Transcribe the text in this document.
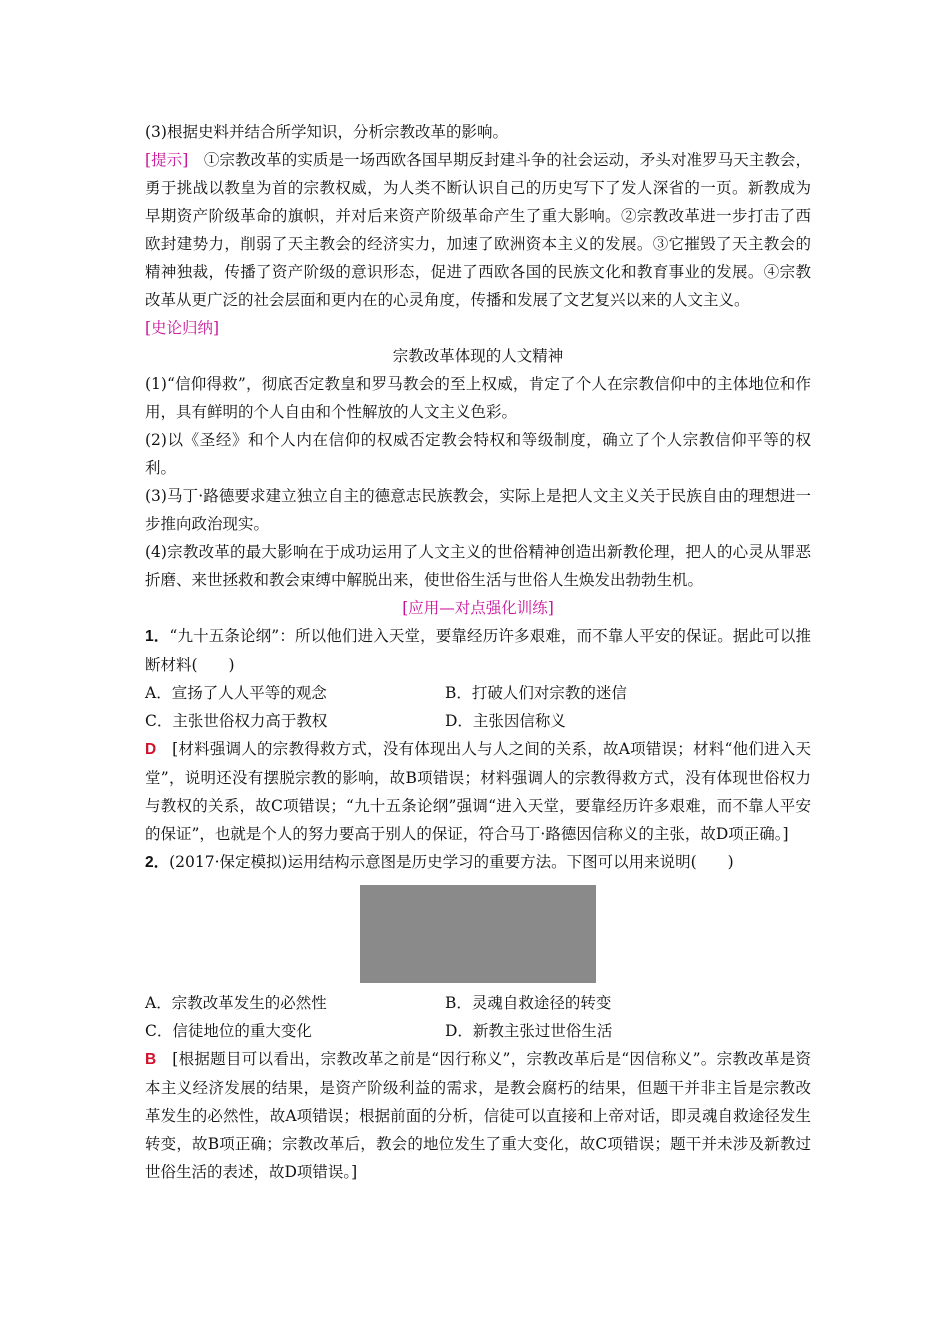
(3)根据史料并结合所学知识，分析宗教改革的影响。

[提示]　①宗教改革的实质是一场西欧各国早期反封建斗争的社会运动，矛头对准罗马天主教会，勇于挑战以教皇为首的宗教权威，为人类不断认识自己的历史写下了发人深省的一页。新教成为早期资产阶级革命的旗帜，并对后来资产阶级革命产生了重大影响。②宗教改革进一步打击了西欧封建势力，削弱了天主教会的经济实力，加速了欧洲资本主义的发展。③它摧毁了天主教会的精神独裁，传播了资产阶级的意识形态，促进了西欧各国的民族文化和教育事业的发展。④宗教改革从更广泛的社会层面和更内在的心灵角度，传播和发展了文艺复兴以来的人文主义。

[史论归纳]

宗教改革体现的人文精神

(1)“信仰得救”，彻底否定教皇和罗马教会的至上权威，肯定了个人在宗教信仰中的主体地位和作用，具有鲜明的个人自由和个性解放的人文主义色彩。

(2)以《圣经》和个人内在信仰的权威否定教会特权和等级制度，确立了个人宗教信仰平等的权利。

(3)马丁·路德要求建立独立自主的德意志民族教会，实际上是把人文主义关于民族自由的理想进一步推向政治现实。

(4)宗教改革的最大影响在于成功运用了人文主义的世俗精神创造出新教伦理，把人的心灵从罪恶折磨、来世拯救和教会束缚中解脱出来，使世俗生活与世俗人生焕发出勃勃生机。

[应用—对点强化训练]

1．“九十五条论纲”：所以他们进入天堂，要靠经历许多艰难，而不靠人平安的保证。据此可以推断材料(　　)

A．宣扬了人人平等的观念	B．打破人们对宗教的迷信
C．主张世俗权力高于教权	D．主张因信称义

D　[材料强调人的宗教得救方式，没有体现出人与人之间的关系，故A项错误；材料“他们进入天堂”，说明还没有摆脱宗教的影响，故B项错误；材料强调人的宗教得救方式，没有体现世俗权力与教权的关系，故C项错误；“九十五条论纲”强调“进入天堂，要靠经历许多艰难，而不靠人平安的保证”，也就是个人的努力要高于别人的保证，符合马丁·路德因信称义的主张，故D项正确。]

2．(2017·保定模拟)运用结构示意图是历史学习的重要方法。下图可以用来说明(　　)

A．宗教改革发生的必然性	B．灵魂自救途径的转变
C．信徒地位的重大变化	D．新教主张过世俗生活

B　[根据题目可以看出，宗教改革之前是“因行称义”，宗教改革后是“因信称义”。宗教改革是资本主义经济发展的结果，是资产阶级利益的需求，是教会腐朽的结果，但题干并非主旨是宗教改革发生的必然性，故A项错误；根据前面的分析，信徒可以直接和上帝对话，即灵魂自救途径发生转变，故B项正确；宗教改革后，教会的地位发生了重大变化，故C项错误；题干并未涉及新教过世俗生活的表述，故D项错误。]
